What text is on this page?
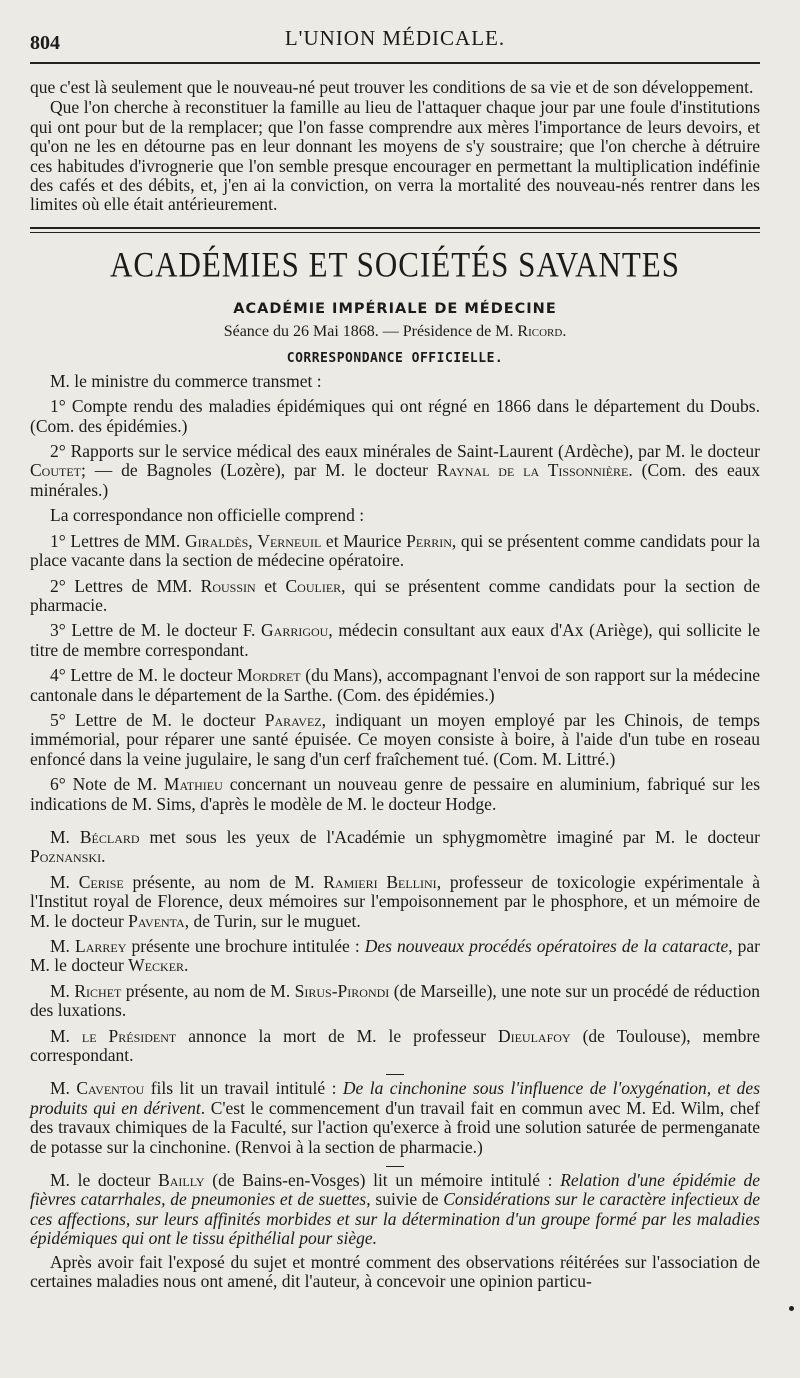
804	L'UNION MÉDICALE.

que c'est là seulement que le nouveau-né peut trouver les conditions de sa vie et de son développement.

Que l'on cherche à reconstituer la famille au lieu de l'attaquer chaque jour par une foule d'institutions qui ont pour but de la remplacer; que l'on fasse comprendre aux mères l'importance de leurs devoirs, et qu'on ne les en détourne pas en leur donnant les moyens de s'y soustraire; que l'on cherche à détruire ces habitudes d'ivrognerie que l'on semble presque encourager en permettant la multiplication indéfinie des cafés et des débits, et, j'en ai la conviction, on verra la mortalité des nouveau-nés rentrer dans les limites où elle était antérieurement.

ACADÉMIES ET SOCIÉTÉS SAVANTES
ACADÉMIE IMPÉRIALE DE MÉDECINE
Séance du 26 Mai 1868. — Présidence de M. Ricord.
CORRESPONDANCE OFFICIELLE.

M. le ministre du commerce transmet :

1° Compte rendu des maladies épidémiques qui ont régné en 1866 dans le département du Doubs. (Com. des épidémies.)

2° Rapports sur le service médical des eaux minérales de Saint-Laurent (Ardèche), par M. le docteur Coutet; — de Bagnoles (Lozère), par M. le docteur Raynal de la Tissonnière. (Com. des eaux minérales.)

La correspondance non officielle comprend :

1° Lettres de MM. Giraldès, Verneuil et Maurice Perrin, qui se présentent comme candidats pour la place vacante dans la section de médecine opératoire.

2° Lettres de MM. Roussin et Coulier, qui se présentent comme candidats pour la section de pharmacie.

3° Lettre de M. le docteur F. Garrigou, médecin consultant aux eaux d'Ax (Ariège), qui sollicite le titre de membre correspondant.

4° Lettre de M. le docteur Mordret (du Mans), accompagnant l'envoi de son rapport sur la médecine cantonale dans le département de la Sarthe. (Com. des épidémies.)

5° Lettre de M. le docteur Paravez, indiquant un moyen employé par les Chinois, de temps immémorial, pour réparer une santé épuisée. Ce moyen consiste à boire, à l'aide d'un tube en roseau enfoncé dans la veine jugulaire, le sang d'un cerf fraîchement tué. (Com. M. Littré.)

6° Note de M. Mathieu concernant un nouveau genre de pessaire en aluminium, fabriqué sur les indications de M. Sims, d'après le modèle de M. le docteur Hodge.

M. Béclard met sous les yeux de l'Académie un sphygmomètre imaginé par M. le docteur Poznanski.

M. Cerise présente, au nom de M. Ramieri Bellini, professeur de toxicologie expérimentale à l'Institut royal de Florence, deux mémoires sur l'empoisonnement par le phosphore, et un mémoire de M. le docteur Paventa, de Turin, sur le muguet.

M. Larrey présente une brochure intitulée : Des nouveaux procédés opératoires de la cataracte, par M. le docteur Wecker.

M. Richet présente, au nom de M. Sirus-Pirondi (de Marseille), une note sur un procédé de réduction des luxations.

M. le Président annonce la mort de M. le professeur Dieulafoy (de Toulouse), membre correspondant.

M. Caventou fils lit un travail intitulé : De la cinchonine sous l'influence de l'oxygénation, et des produits qui en dérivent. C'est le commencement d'un travail fait en commun avec M. Ed. Wilm, chef des travaux chimiques de la Faculté, sur l'action qu'exerce à froid une solution saturée de permenganate de potasse sur la cinchonine. (Renvoi à la section de pharmacie.)

M. le docteur Bailly (de Bains-en-Vosges) lit un mémoire intitulé : Relation d'une épidémie de fièvres catarrhales, de pneumonies et de suettes, suivie de Considérations sur le caractère infectieux de ces affections, sur leurs affinités morbides et sur la détermination d'un groupe formé par les maladies épidémiques qui ont le tissu épithélial pour siège.

Après avoir fait l'exposé du sujet et montré comment des observations réitérées sur l'association de certaines maladies nous ont amené, dit l'auteur, à concevoir une opinion particu-
